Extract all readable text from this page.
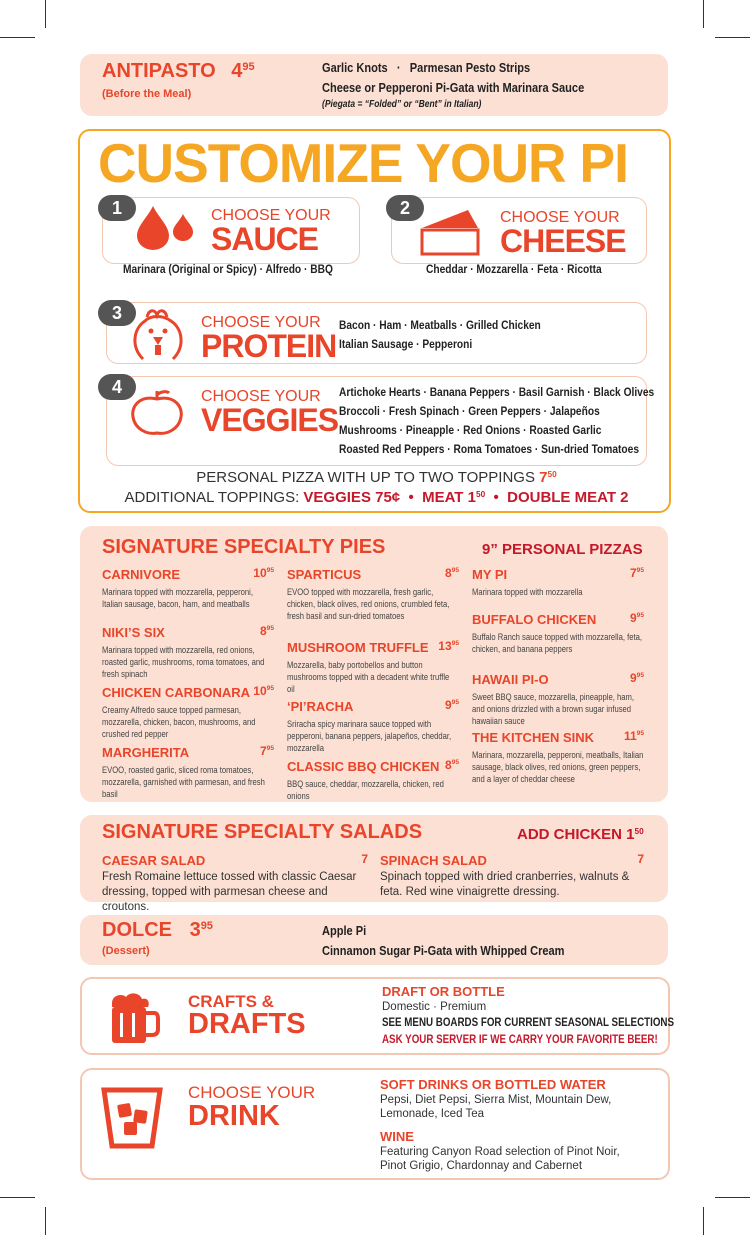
ANTIPASTO $4^{95}$
(Before the Meal)
Garlic Knots   ·   Parmesan Pesto Strips
Cheese or Pepperoni Pi-Gata with Marinara Sauce
(Piegata = “Folded” or “Bent” in Italian)
CUSTOMIZE YOUR PI
CHOOSE YOUR
SAUCE
Marinara (Original or Spicy) · Alfredo · BBQ
1	CHOOSE YOUR
CHEESE
Cheddar · Mozzarella · Feta · Ricotta
2
CHOOSE YOUR
PROTEIN
Bacon · Ham · Meatballs · Grilled Chicken
Italian Sausage · Pepperoni
3
CHOOSE YOUR
VEGGIES
Artichoke Hearts · Banana Peppers · Basil Garnish · Black Olives
Broccoli · Fresh Spinach · Green Peppers · Jalapeños
Mushrooms · Pineapple · Red Onions · Roasted Garlic
Roasted Red Peppers · Roma Tomatoes · Sun-dried Tomatoes
4
PERSONAL PIZZA WITH UP TO TWO TOPPINGS $7^{50}$
ADDITIONAL TOPPINGS: VEGGIES 75¢  •  MEAT $1^{50}$  •  DOUBLE MEAT 2
SIGNATURE SPECIALTY PIES	9” PERSONAL PIZZAS
CARNIVORE	$10^{95}$
Marinara topped with mozzarella, pepperoni, Italian sausage, bacon, ham, and meatballs
NIKI’S SIX	$8^{95}$
Marinara topped with mozzarella, red onions, roasted garlic, mushrooms, roma tomatoes, and fresh spinach
CHICKEN CARBONARA $10^{95}$
Creamy Alfredo sauce topped parmesan, mozzarella, chicken, bacon, mushrooms, and crushed red pepper
MARGHERITA	$7^{95}$
EVOO, roasted garlic, sliced roma tomatoes, mozzarella, garnished with parmesan, and fresh basil
SPARTICUS	$8^{95}$
EVOO topped with mozzarella, fresh garlic, chicken, black olives, red onions, crumbled feta, fresh basil and sun-dried tomatoes
MUSHROOM TRUFFLE $13^{95}$
Mozzarella, baby portobellos and button mushrooms topped with a decadent white truffle oil
‘PI’RACHA	$9^{95}$
Sriracha spicy marinara sauce topped with pepperoni, banana peppers, jalapeños, cheddar, mozzarella
CLASSIC BBQ CHICKEN $8^{95}$
BBQ sauce, cheddar, mozzarella, chicken, red onions
MY PI	$7^{95}$
Marinara topped with mozzarella
BUFFALO CHICKEN	$9^{95}$
Buffalo Ranch sauce topped with mozzarella, feta, chicken, and banana peppers
HAWAII PI-O	$9^{95}$
Sweet BBQ sauce, mozzarella, pineapple, ham, and onions drizzled with a brown sugar infused hawaiian sauce
THE KITCHEN SINK $11^{95}$
Marinara, mozzarella, pepperoni, meatballs, Italian sausage, black olives, red onions, green peppers, and a layer of cheddar cheese
SIGNATURE SPECIALTY SALADS	ADD CHICKEN $1^{50}$
CAESAR SALAD	7
Fresh Romaine lettuce tossed with classic Caesar dressing, topped with parmesan cheese and croutons.
SPINACH SALAD	7
Spinach topped with dried cranberries, walnuts & feta. Red wine vinaigrette dressing.
DOLCE $3^{95}$
(Dessert)
Apple Pi
Cinnamon Sugar Pi-Gata with Whipped Cream
CRAFTS &
DRAFTS
DRAFT OR BOTTLE
Domestic · Premium
SEE MENU BOARDS FOR CURRENT SEASONAL SELECTIONS
ASK YOUR SERVER IF WE CARRY YOUR FAVORITE BEER!
CHOOSE YOUR
DRINK
SOFT DRINKS OR BOTTLED WATER
Pepsi, Diet Pepsi, Sierra Mist, Mountain Dew, Lemonade, Iced Tea
WINE
Featuring Canyon Road selection of Pinot Noir, Pinot Grigio, Chardonnay and Cabernet
